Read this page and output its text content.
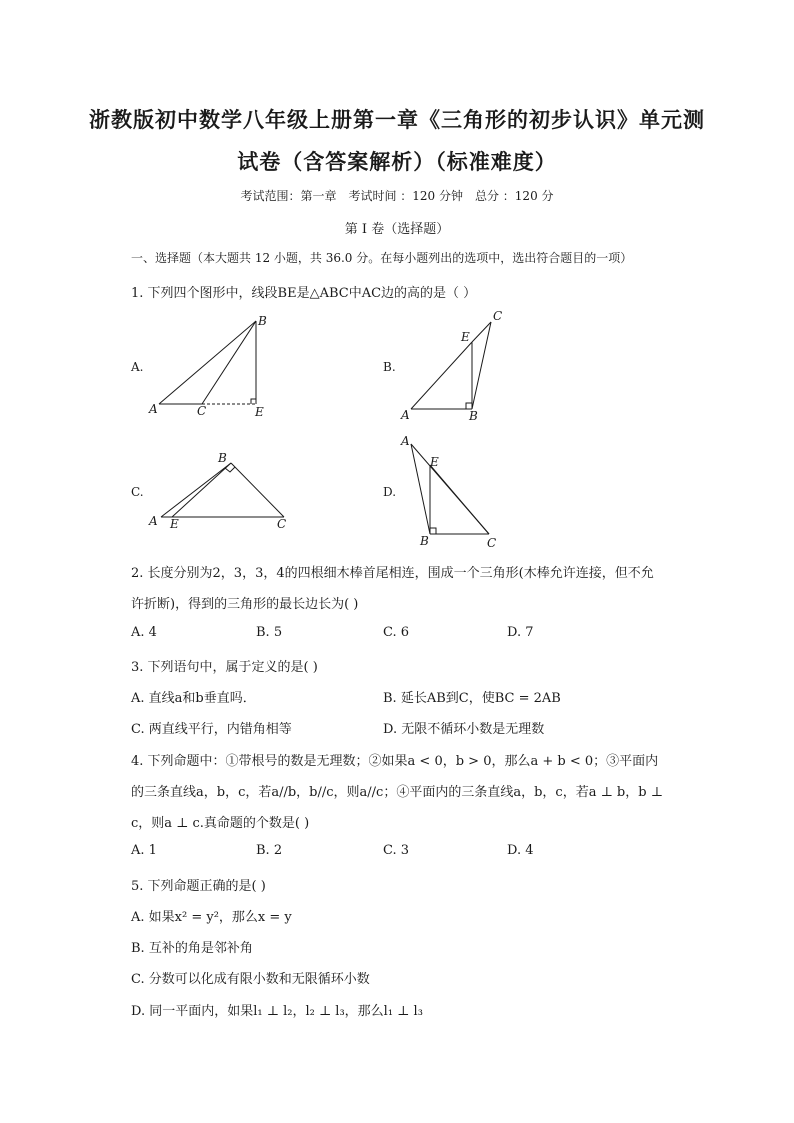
浙教版初中数学八年级上册第一章《三角形的初步认识》单元测
试卷（含答案解析）（标准难度）
考试范围：第一章　考试时间 ：120 分钟　总分 ：120 分
第 I 卷（选择题）
一、选择题（本大题共 12 小题，共 36.0 分。在每小题列出的选项中，选出符合题目的一项）
1. 下列四个图形中，线段BE是△ABC中AC边的高的是（ ）
A.
B
A	C	E
B.
C
E
A	B
C.
B
A E	C
D.
A
E
B	C
2. 长度分别为2，3，3，4的四根细木棒首尾相连，围成一个三角形(木棒允许连接，但不允
许折断)，得到的三角形的最长边长为( )
A. 4	B. 5	C. 6	D. 7
3. 下列语句中，属于定义的是( )
A. 直线a和b垂直吗．	B. 延长AB到C，使BC = 2AB
C. 两直线平行，内错角相等	D. 无限不循环小数是无理数
4. 下列命题中：①带根号的数是无理数；②如果a < 0，b > 0，那么a + b < 0；③平面内
的三条直线a，b，c，若a//b，b//c，则a//c；④平面内的三条直线a，b，c，若a ⊥ b，b ⊥
c，则a ⊥ c.真命题的个数是( )
A. 1	B. 2	C. 3	D. 4
5. 下列命题正确的是( )
A. 如果x² = y²，那么x = y
B. 互补的角是邻补角
C. 分数可以化成有限小数和无限循环小数
D. 同一平面内，如果l₁ ⊥ l₂，l₂ ⊥ l₃，那么l₁ ⊥ l₃
